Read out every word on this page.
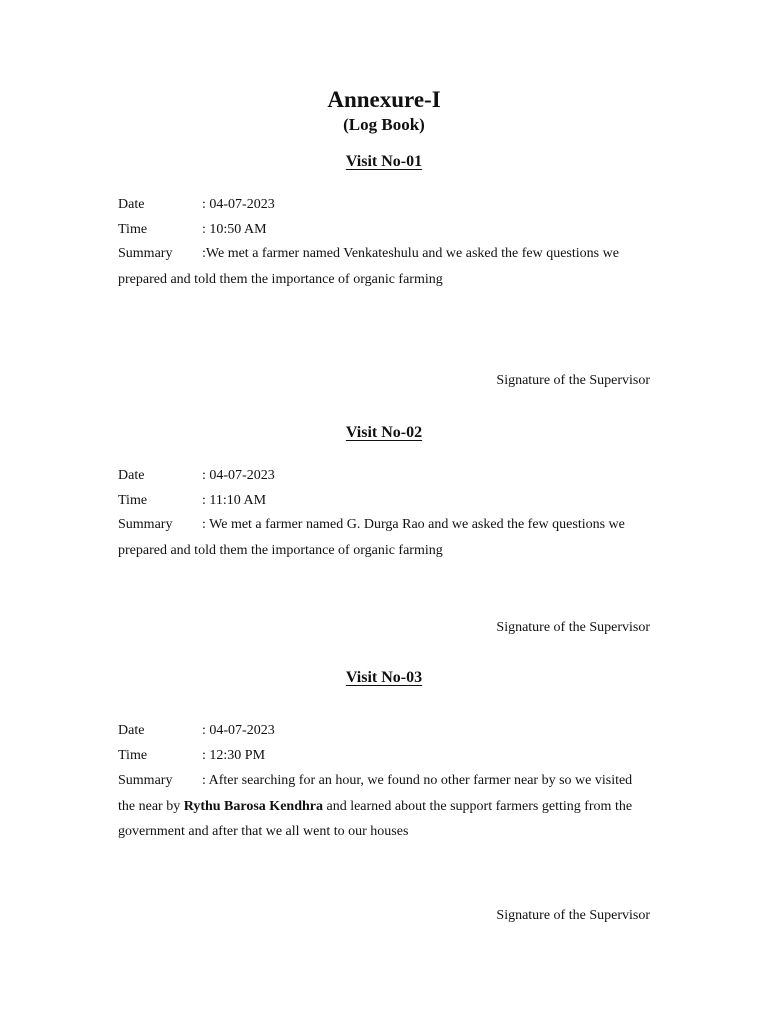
Annexure-I
(Log Book)
Visit No-01
Date	: 04-07-2023
Time	: 10:50 AM
Summary :We met a farmer named Venkateshulu and we asked the few questions we prepared and told them the importance of organic farming
Signature of the Supervisor
Visit No-02
Date	: 04-07-2023
Time	: 11:10 AM
Summary : We met a farmer named G. Durga Rao and we asked the few questions we prepared and told them the importance of organic farming
Signature of the Supervisor
Visit No-03
Date	: 04-07-2023
Time	: 12:30 PM
Summary : After searching for an hour, we found no other farmer near by so we visited the near by Rythu Barosa Kendhra and learned about the support farmers getting from the government and after that we all went to our houses
Signature of the Supervisor
